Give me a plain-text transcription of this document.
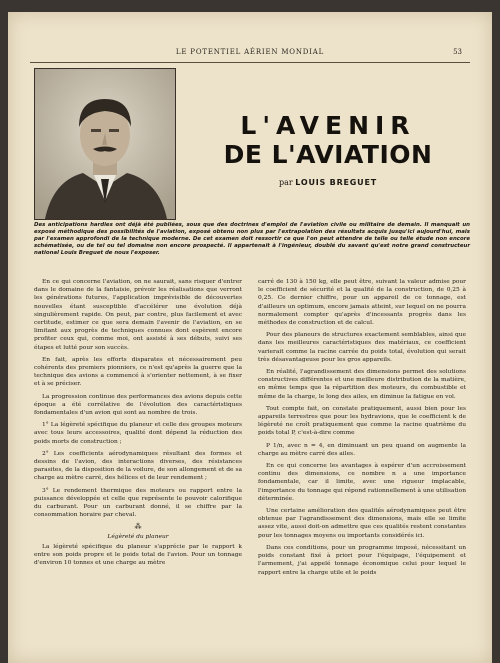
LE POTENTIEL AÉRIEN MONDIAL	53
L'AVENIR
DE L'AVIATION
par LOUIS BREGUET
Des anticipations hardies ont déjà été publiées, sous que des doctrines d'emploi de l'aviation civile ou militaire de demain. Il manquait un exposé méthodique des possibilités de l'aviation, exposé obtenu non plus par l'extrapolation des résultats acquis jusqu'ici aujourd'hui, mais par l'examen approfondi de la technique moderne. De cet examen doit ressortir ce que l'on peut attendre de telle ou telle étude non encore schématisée, ou de tel ou tel domaine non encore prospecté. Il appartenait à l'ingénieur, doublé du savant qu'est notre grand constructeur national Louis Breguet de nous l'exposer.

En ce qui concerne l'aviation, on ne saurait, sans risquer d'entrer dans le domaine de la fantaisie, prévoir les réalisations que verront les générations futures, l'application imprévisible de découvertes nouvelles étant susceptible d'accélérer une évolution déjà singulièrement rapide. On peut, par contre, plus facilement et avec certitude, estimer ce que sera demain l'avenir de l'aviation, en se limitant aux progrès de techniques connues dont espèrent encore profiter ceux qui, comme moi, ont assisté à ses débuts, suivi ses étapes et lutté pour son succès.

En fait, après les efforts disparates et nécessairement peu cohérents des premiers pionniers, ce n'est qu'après la guerre que la technique des avions a commencé à s'orienter nettement, à se fixer et à se préciser.

La progression continue des performances des avions depuis cette époque a été corrélative de l'évolution des caractéristiques fondamentales d'un avion qui sont au nombre de trois.

1° La légèreté spécifique du planeur et celle des groupes moteurs avec tous leurs accessoires, qualité dont dépend la réduction des poids morts de construction ;

2° Les coefficients aérodynamiques résultant des formes et dessins de l'avion, des interactions diverses, des résistances parasites, de la disposition de la voilure, de son allongement et de sa charge au mètre carré, des hélices et de leur rendement ;

3° Le rendement thermique des moteurs ou rapport entre la puissance développée et celle que représente le pouvoir calorifique du carburant. Pour un carburant donné, il se chiffre par la consommation horaire par cheval.

⁂
Légèreté du planeur

La légèreté spécifique du planeur s'apprécie par le rapport k entre son poids propre et le poids total de l'avion. Pour un tonnage d'environ 10 tonnes et une charge au mètre

carré de 130 à 150 kg, elle peut être, suivant la valeur admise pour le coefficient de sécurité et la qualité de la construction, de 0,25 à 0,25. Ce dernier chiffre, pour un appareil de ce tonnage, est d'ailleurs un optimum, encore jamais atteint, sur lequel on ne pourra normalement compter qu'après d'incessants progrès dans les méthodes de construction et de calcul.

Pour des planeurs de structures exactement semblables, ainsi que dans les meilleures caractéristiques des matériaux, ce coefficient varierait comme la racine carrée du poids total, évolution qui serait très désavantageuse pour les gros appareils.

En réalité, l'agrandissement des dimensions permet des solutions constructives différentes et une meilleure distribution de la matière, en même temps que la répartition des moteurs, du combustible et même de la charge, le long des ailes, en diminue la fatigue en vol.

Tout compte fait, on constate pratiquement, aussi bien pour les appareils terrestres que pour les hydravions, que le coefficient k de légèreté ne croît pratiquement que comme la racine quatrième du poids total P, c'est-à-dire comme

P 1/n, avec n = 4, en diminuant un peu quand on augmente la charge au mètre carré des ailes.

En ce qui concerne les avantages à espérer d'un accroissement continu des dimensions, ce nombre n a une importance fondamentale, car il limite, avec une rigueur implacable, l'importance du tonnage qui répond rationnellement à une utilisation déterminée.

Une certaine amélioration des qualités aérodynamiques peut être obtenue par l'agrandissement des dimensions, mais elle se limite assez vite, aussi doit-on admettre que ces qualités restent constantes pour les tonnages moyens ou importants considérés ici.

Dans ces conditions, pour un programme imposé, nécessitant un poids constant fixé à priori pour l'équipage, l'équipement et l'armement, j'ai appelé tonnage économique celui pour lequel le rapport entre la charge utile et le poids
